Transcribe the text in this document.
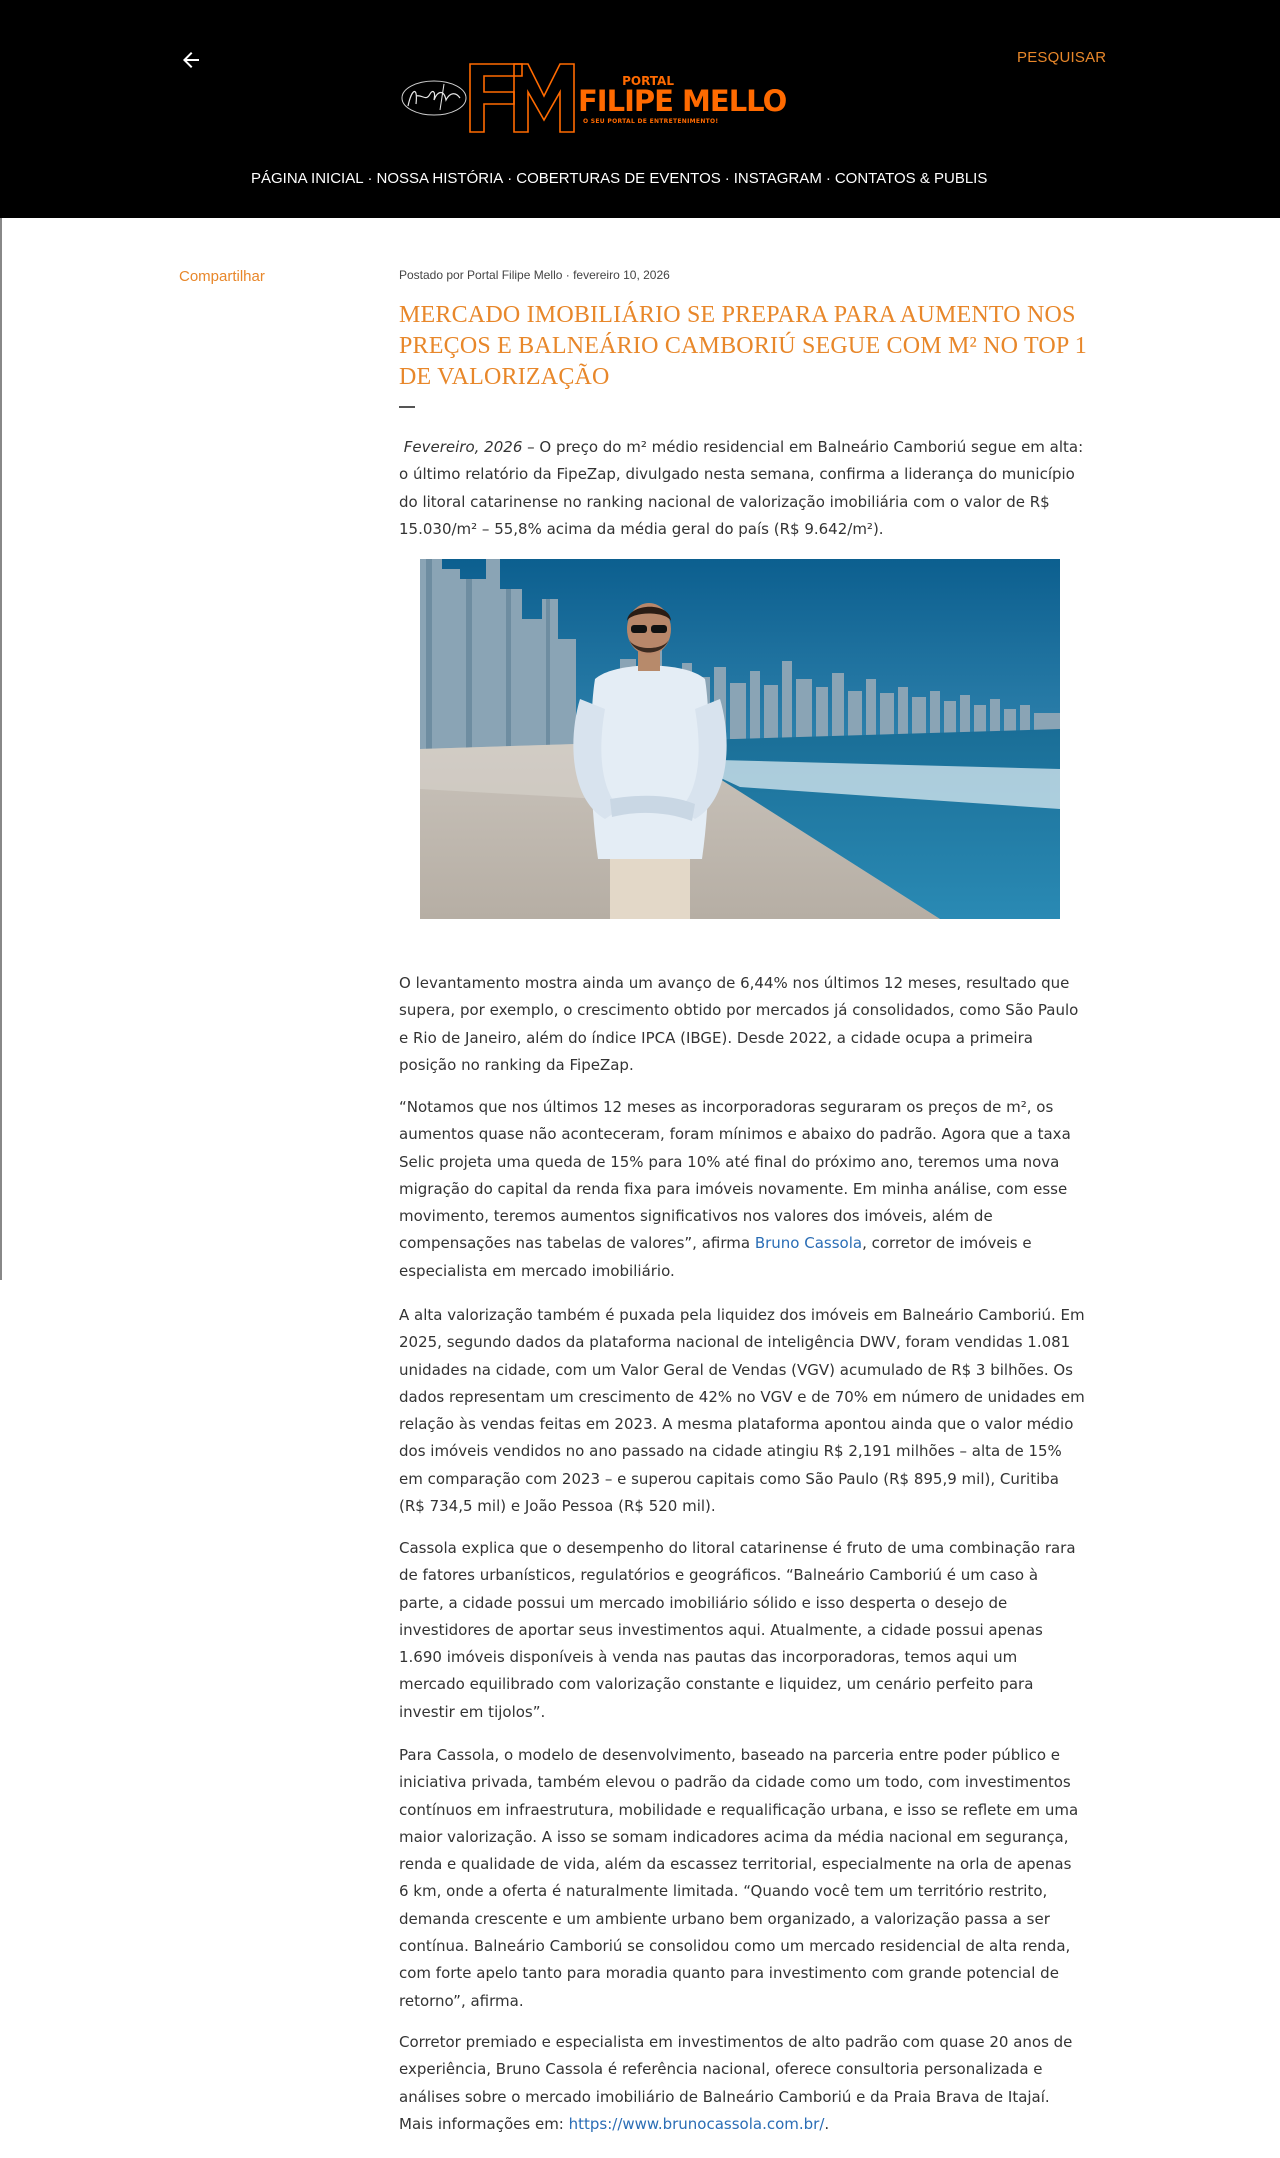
PESQUISAR
PORTAL
FILIPE MELLO
O SEU PORTAL DE ENTRETENIMENTO!
PÁGINA INICIAL · NOSSA HISTÓRIA · COBERTURAS DE EVENTOS · INSTAGRAM · CONTATOS & PUBLIS
Compartilhar	Postado por Portal Filipe Mello · fevereiro 10, 2026
MERCADO IMOBILIÁRIO SE PREPARA PARA AUMENTO NOS PREÇOS E BALNEÁRIO CAMBORIÚ SEGUE COM M² NO TOP 1 DE VALORIZAÇÃO

Fevereiro, 2026 – O preço do m² médio residencial em Balneário Camboriú segue em alta: o último relatório da FipeZap, divulgado nesta semana, confirma a liderança do município do litoral catarinense no ranking nacional de valorização imobiliária com o valor de R$ 15.030/m² – 55,8% acima da média geral do país (R$ 9.642/m²).

O levantamento mostra ainda um avanço de 6,44% nos últimos 12 meses, resultado que supera, por exemplo, o crescimento obtido por mercados já consolidados, como São Paulo e Rio de Janeiro, além do índice IPCA (IBGE). Desde 2022, a cidade ocupa a primeira posição no ranking da FipeZap.

“Notamos que nos últimos 12 meses as incorporadoras seguraram os preços de m², os aumentos quase não aconteceram, foram mínimos e abaixo do padrão. Agora que a taxa Selic projeta uma queda de 15% para 10% até final do próximo ano, teremos uma nova migração do capital da renda fixa para imóveis novamente. Em minha análise, com esse movimento, teremos aumentos significativos nos valores dos imóveis, além de compensações nas tabelas de valores”, afirma Bruno Cassola, corretor de imóveis e especialista em mercado imobiliário.

A alta valorização também é puxada pela liquidez dos imóveis em Balneário Camboriú. Em 2025, segundo dados da plataforma nacional de inteligência DWV, foram vendidas 1.081 unidades na cidade, com um Valor Geral de Vendas (VGV) acumulado de R$ 3 bilhões. Os dados representam um crescimento de 42% no VGV e de 70% em número de unidades em relação às vendas feitas em 2023. A mesma plataforma apontou ainda que o valor médio dos imóveis vendidos no ano passado na cidade atingiu R$ 2,191 milhões – alta de 15% em comparação com 2023 – e superou capitais como São Paulo (R$ 895,9 mil), Curitiba (R$ 734,5 mil) e João Pessoa (R$ 520 mil).

Cassola explica que o desempenho do litoral catarinense é fruto de uma combinação rara de fatores urbanísticos, regulatórios e geográficos. “Balneário Camboriú é um caso à parte, a cidade possui um mercado imobiliário sólido e isso desperta o desejo de investidores de aportar seus investimentos aqui. Atualmente, a cidade possui apenas 1.690 imóveis disponíveis à venda nas pautas das incorporadoras, temos aqui um mercado equilibrado com valorização constante e liquidez, um cenário perfeito para investir em tijolos”.

Para Cassola, o modelo de desenvolvimento, baseado na parceria entre poder público e iniciativa privada, também elevou o padrão da cidade como um todo, com investimentos contínuos em infraestrutura, mobilidade e requalificação urbana, e isso se reflete em uma maior valorização. A isso se somam indicadores acima da média nacional em segurança, renda e qualidade de vida, além da escassez territorial, especialmente na orla de apenas 6 km, onde a oferta é naturalmente limitada. “Quando você tem um território restrito, demanda crescente e um ambiente urbano bem organizado, a valorização passa a ser contínua. Balneário Camboriú se consolidou como um mercado residencial de alta renda, com forte apelo tanto para moradia quanto para investimento com grande potencial de retorno”, afirma.

Corretor premiado e especialista em investimentos de alto padrão com quase 20 anos de experiência, Bruno Cassola é referência nacional, oferece consultoria personalizada e análises sobre o mercado imobiliário de Balneário Camboriú e da Praia Brava de Itajaí. Mais informações em: https://www.brunocassola.com.br/.
